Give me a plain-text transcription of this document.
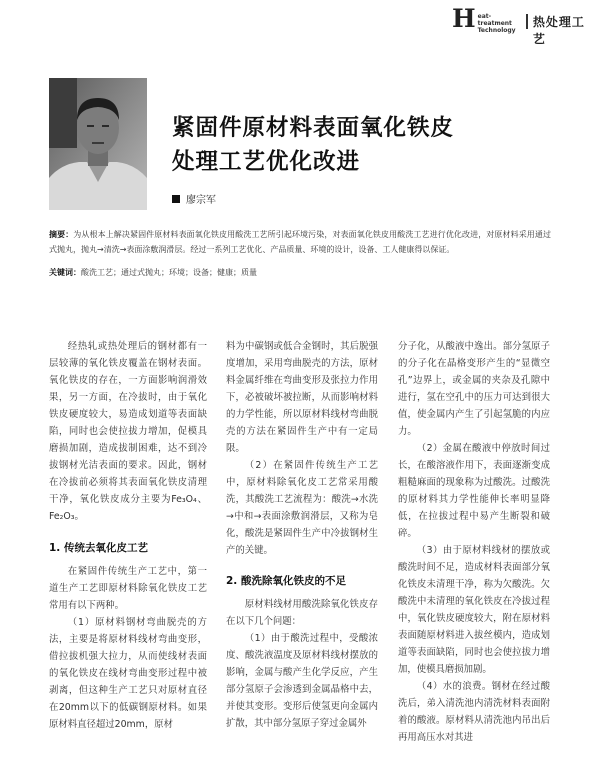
H eat-treatment
Technology
热处理工艺
紧固件原材料表面氧化铁皮
处理工艺优化改进
廖宗军

摘要：为从根本上解决紧固件原材料表面氧化铁皮用酸洗工艺所引起环境污染，对表面氧化铁皮用酸洗工艺进行优化改进，对原材料采用通过式抛丸，抛丸→清洗→表面涂敷润滑层。经过一系列工艺优化、产品质量、环境的设计，设备、工人健康得以保证。

关键词：酸洗工艺；通过式抛丸；环境；设备；健康；质量

经热轧或热处理后的钢材都有一层较薄的氧化铁皮覆盖在钢材表面。氧化铁皮的存在，一方面影响润滑效果，另一方面，在冷拔时，由于氧化铁皮硬度较大，易造成划道等表面缺陷，同时也会使拉拔力增加，促模具磨损加剧，造成拔制困难，达不到冷拔钢材光洁表面的要求。因此，钢材在冷拔前必须将其表面氧化铁皮清理干净，氧化铁皮成分主要为Fe₃O₄、Fe₂O₃。

1. 传统去氧化皮工艺

在紧固件传统生产工艺中，第一道生产工艺即原材料除氧化铁皮工艺常用有以下两种。

（1）原材料钢材弯曲脱壳的方法，主要是将原材料线材弯曲变形，借拉拔机强大拉力，从而使线材表面的氧化铁皮在线材弯曲变形过程中被剥离，但这种生产工艺只对原材直径在20mm以下的低碳钢原材料。如果原材料直径超过20mm，原材

料为中碳钢或低合金钢时，其后脱强度增加，采用弯曲脱壳的方法，原材料金属纤维在弯曲变形及张拉力作用下，必被破坏被拉断，从而影响材料的力学性能，所以原材料线材弯曲脱壳的方法在紧固件生产中有一定局限。

（2）在紧固件传统生产工艺中，原材料除氧化皮工艺常采用酸洗，其酸洗工艺流程为：酸洗→水洗→中和→表面涂敷润滑层，又称为皂化，酸洗是紧固件生产中冷拔钢材生产的关键。

2. 酸洗除氧化铁皮的不足

原材料线材用酸洗除氧化铁皮存在以下几个问题：

（1）由于酸洗过程中，受酸浓度、酸洗液温度及原材料线材摆放的影响，金属与酸产生化学反应，产生部分氢原子会渗透到金属晶格中去，并使其变形。变形后使氢更向金属内扩散，其中部分氢原子穿过金属外

分子化，从酸液中逸出。部分氢原子的分子化在晶格变形产生的“显微空孔”边界上，或金属的夹杂及孔隙中进行，氢在空孔中的压力可达到很大值，使金属内产生了引起氢脆的内应力。

（2）金属在酸液中停放时间过长，在酸溶液作用下，表面逐渐变成粗糙麻面的现象称为过酸洗。过酸洗的原材料其力学性能伸长率明显降低，在拉拔过程中易产生断裂和破碎。

（3）由于原材料线材的摆放或酸洗时间不足，造成材料表面部分氧化铁皮未清理干净，称为欠酸洗。欠酸洗中未清理的氧化铁皮在冷拔过程中，氧化铁皮硬度较大，附在原材料表面随原材料进入拔丝模内，造成划道等表面缺陷，同时也会使拉拔力增加，使模具磨损加剧。

（4）水的浪费。钢材在经过酸洗后，弟入清洗池内清洗材料表面附着的酸液。原材料从清洗池内吊出后再用高压水对其进
